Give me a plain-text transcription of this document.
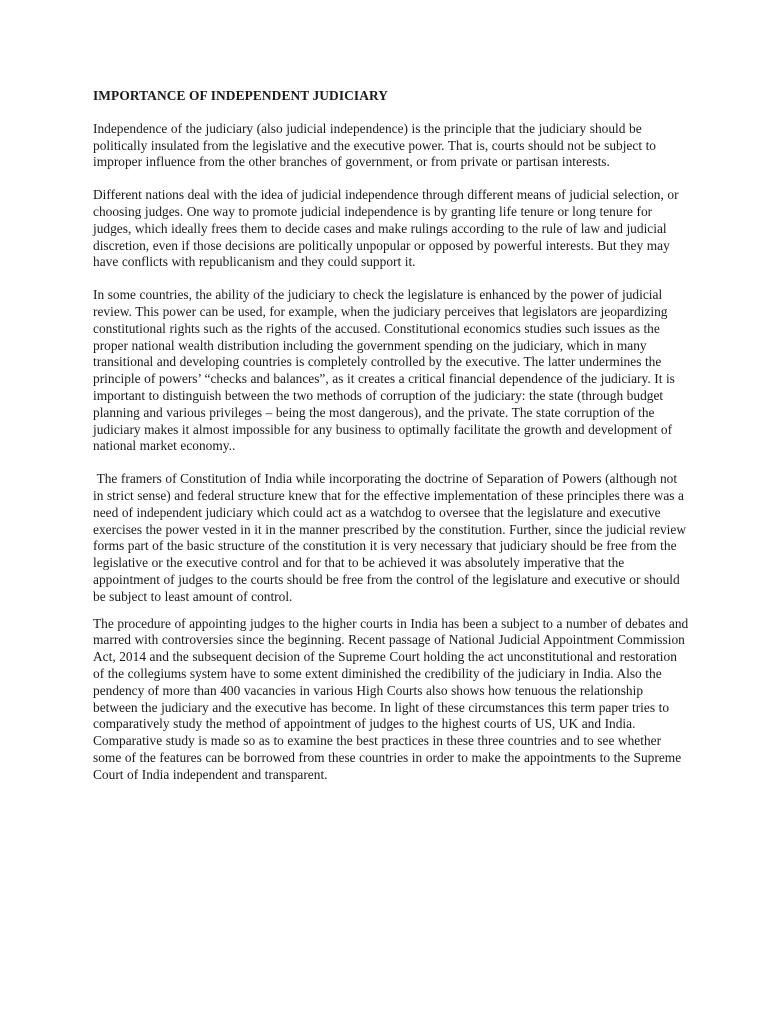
IMPORTANCE OF INDEPENDENT JUDICIARY

Independence of the judiciary (also judicial independence) is the principle that the judiciary should be politically insulated from the legislative and the executive power. That is, courts should not be subject to improper influence from the other branches of government, or from private or partisan interests.

Different nations deal with the idea of judicial independence through different means of judicial selection, or choosing judges. One way to promote judicial independence is by granting life tenure or long tenure for judges, which ideally frees them to decide cases and make rulings according to the rule of law and judicial discretion, even if those decisions are politically unpopular or opposed by powerful interests. But they may have conflicts with republicanism and they could support it.

In some countries, the ability of the judiciary to check the legislature is enhanced by the power of judicial review. This power can be used, for example, when the judiciary perceives that legislators are jeopardizing constitutional rights such as the rights of the accused. Constitutional economics studies such issues as the proper national wealth distribution including the government spending on the judiciary, which in many transitional and developing countries is completely controlled by the executive. The latter undermines the principle of powers’ “checks and balances”, as it creates a critical financial dependence of the judiciary. It is important to distinguish between the two methods of corruption of the judiciary: the state (through budget planning and various privileges – being the most dangerous), and the private. The state corruption of the judiciary makes it almost impossible for any business to optimally facilitate the growth and development of national market economy..

The framers of Constitution of India while incorporating the doctrine of Separation of Powers (although not in strict sense) and federal structure knew that for the effective implementation of these principles there was a need of independent judiciary which could act as a watchdog to oversee that the legislature and executive exercises the power vested in it in the manner prescribed by the constitution. Further, since the judicial review forms part of the basic structure of the constitution it is very necessary that judiciary should be free from the legislative or the executive control and for that to be achieved it was absolutely imperative that the appointment of judges to the courts should be free from the control of the legislature and executive or should be subject to least amount of control.

The procedure of appointing judges to the higher courts in India has been a subject to a number of debates and marred with controversies since the beginning. Recent passage of National Judicial Appointment Commission Act, 2014 and the subsequent decision of the Supreme Court holding the act unconstitutional and restoration of the collegiums system have to some extent diminished the credibility of the judiciary in India. Also the pendency of more than 400 vacancies in various High Courts also shows how tenuous the relationship between the judiciary and the executive has become. In light of these circumstances this term paper tries to comparatively study the method of appointment of judges to the highest courts of US, UK and India. Comparative study is made so as to examine the best practices in these three countries and to see whether some of the features can be borrowed from these countries in order to make the appointments to the Supreme Court of India independent and transparent.
